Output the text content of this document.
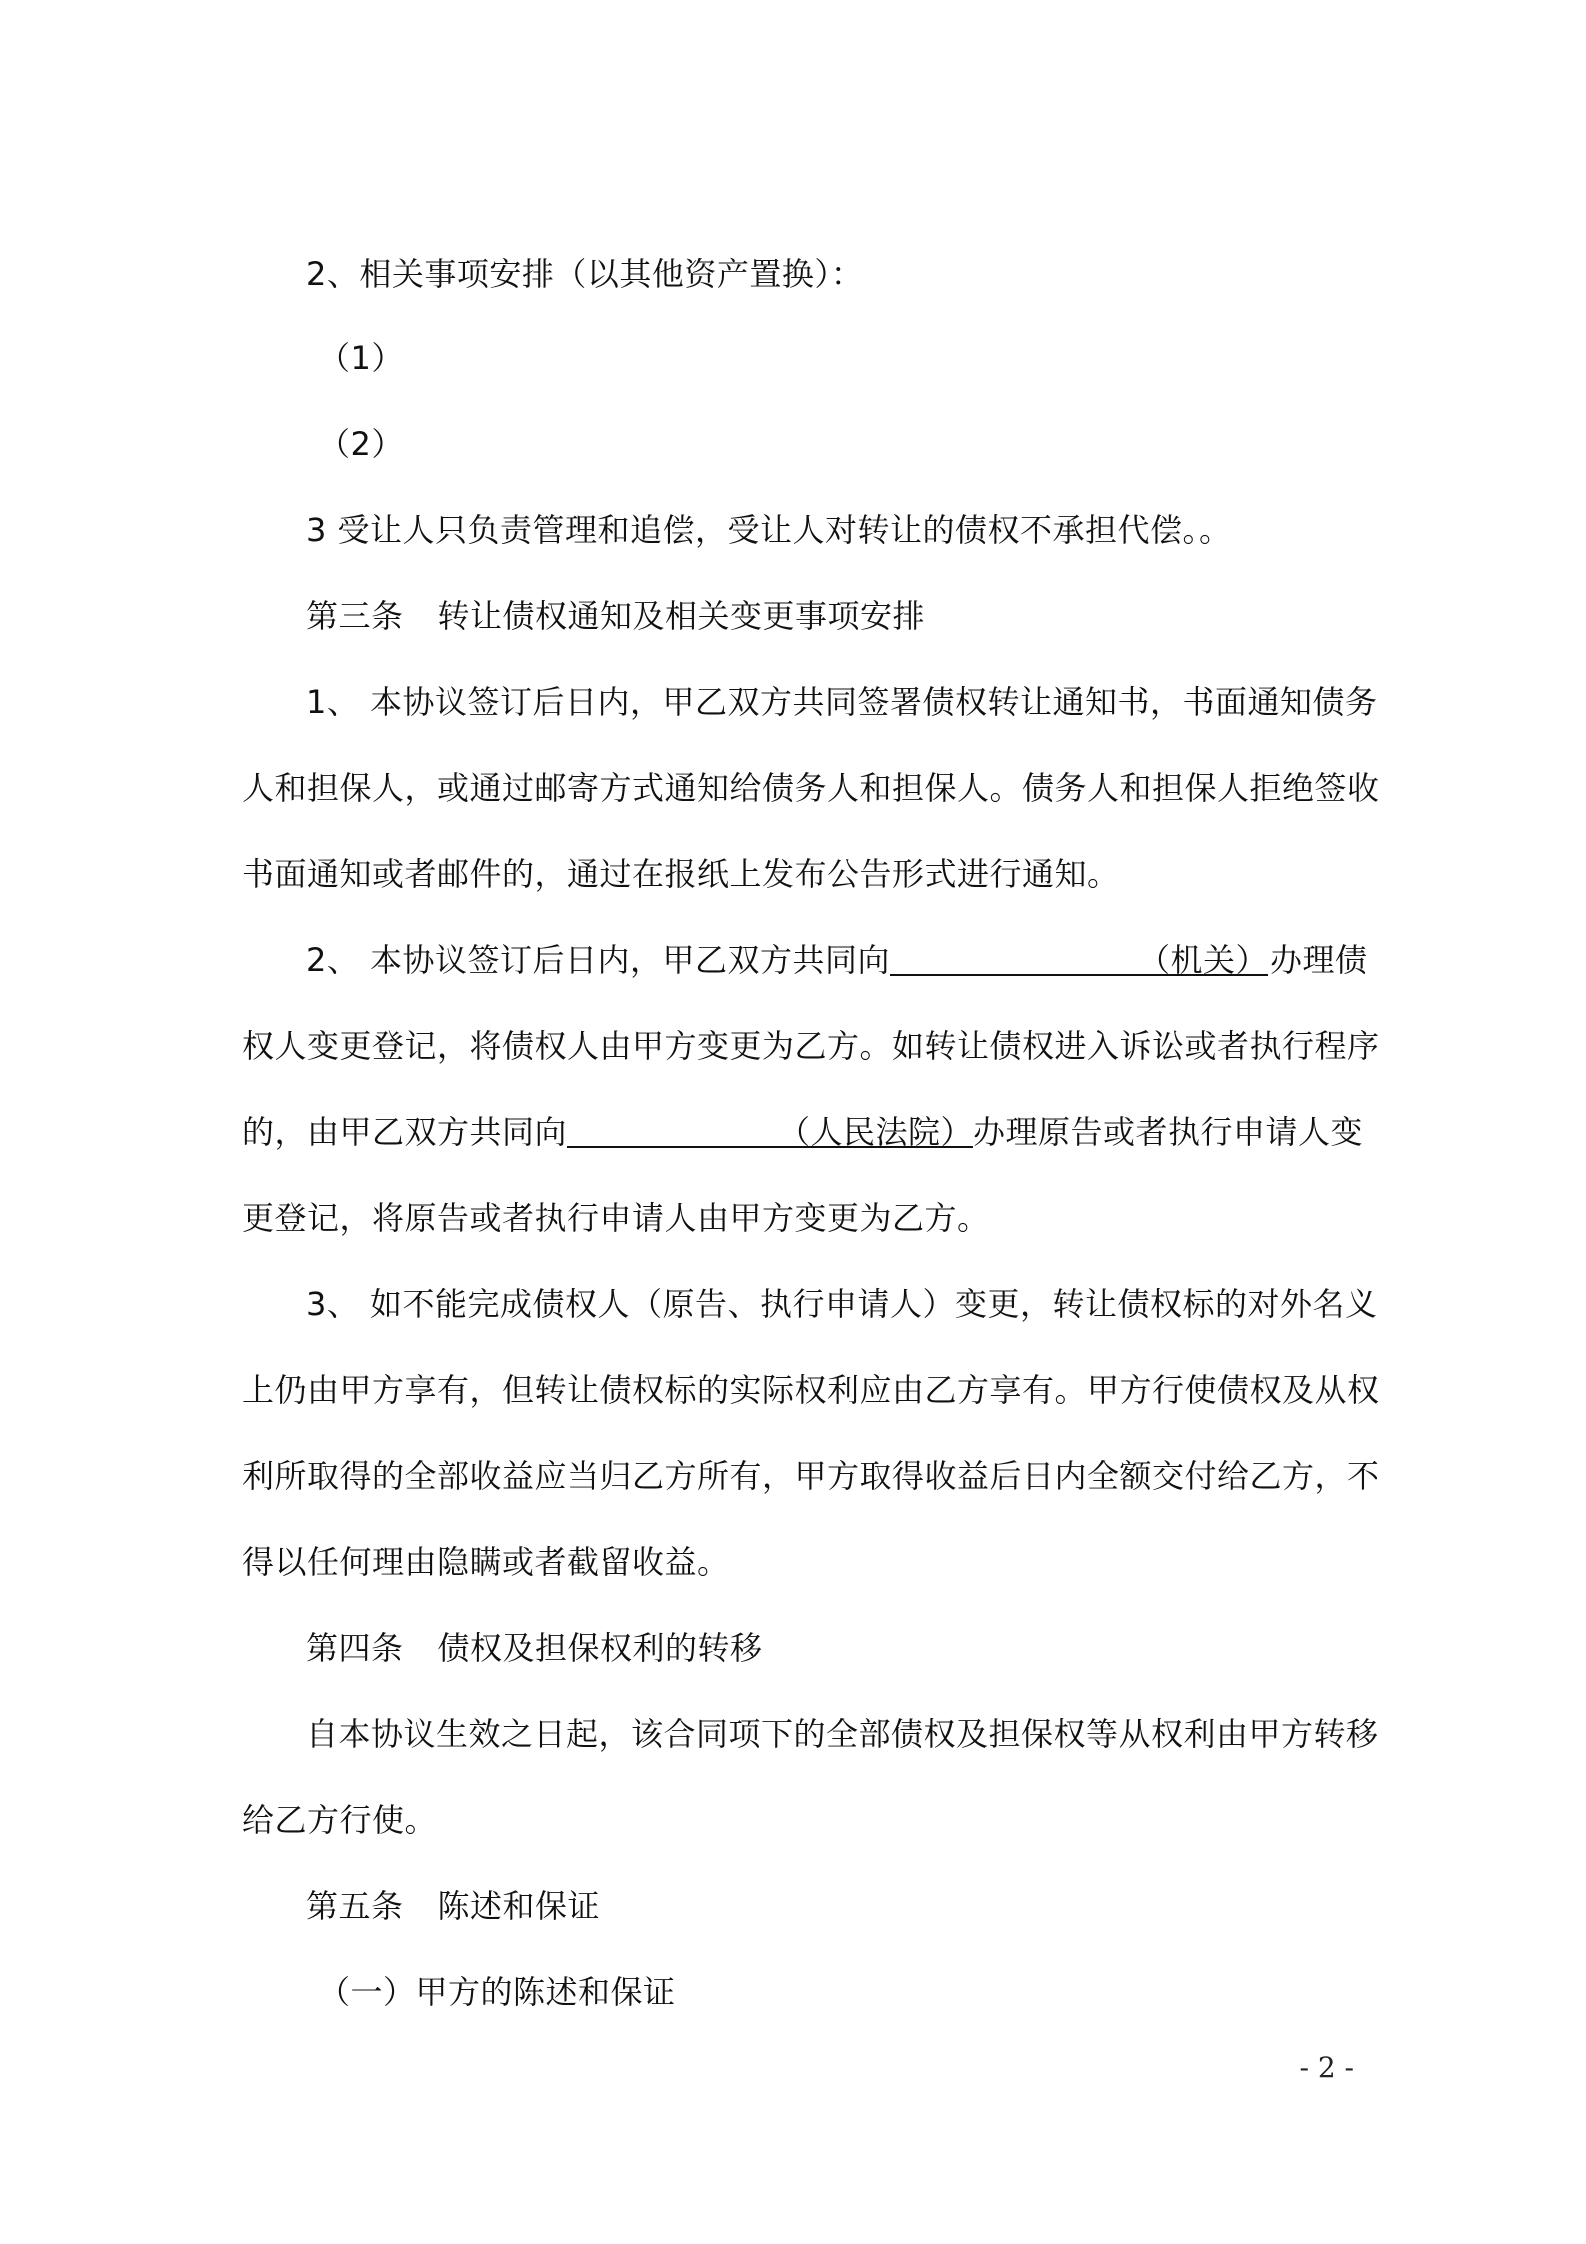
2、相关事项安排（以其他资产置换）：
（1）
（2）
3 受让人只负责管理和追偿，受让人对转让的债权不承担代偿。。
第三条 转让债权通知及相关变更事项安排
1、 本协议签订后日内，甲乙双方共同签署债权转让通知书，书面通知债务
人和担保人，或通过邮寄方式通知给债务人和担保人。债务人和担保人拒绝签收
书面通知或者邮件的，通过在报纸上发布公告形式进行通知。
2、 本协议签订后日内，甲乙双方共同向	（机关）办理债
权人变更登记，将债权人由甲方变更为乙方。如转让债权进入诉讼或者执行程序
的，由甲乙双方共同向	（人民法院）办理原告或者执行申请人变
更登记，将原告或者执行申请人由甲方变更为乙方。
3、 如不能完成债权人（原告、执行申请人）变更，转让债权标的对外名义
上仍由甲方享有，但转让债权标的实际权利应由乙方享有。甲方行使债权及从权
利所取得的全部收益应当归乙方所有，甲方取得收益后日内全额交付给乙方，不
得以任何理由隐瞒或者截留收益。
第四条 债权及担保权利的转移
自本协议生效之日起，该合同项下的全部债权及担保权等从权利由甲方转移
给乙方行使。
第五条 陈述和保证
（一）甲方的陈述和保证
- 2 -
